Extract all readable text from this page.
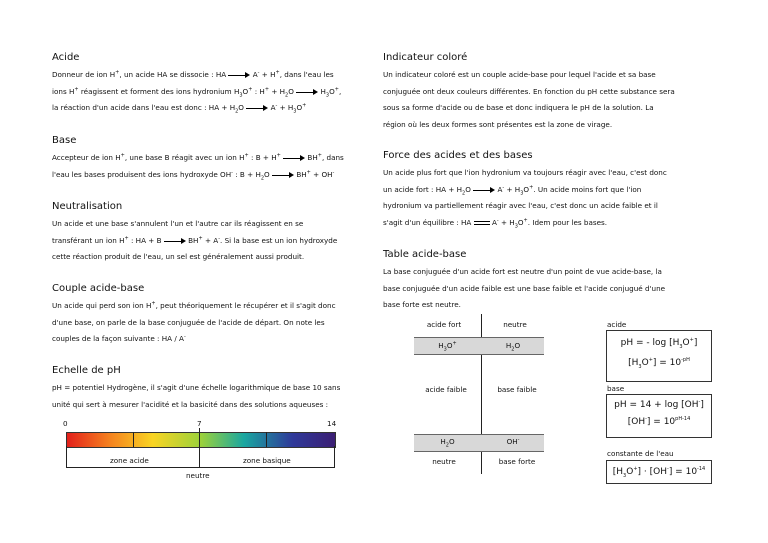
Acide
Donneur de ion H+, un acide HA se dissocie : HA	A- + H+, dans l'eau les
ions H+ réagissent et forment des ions hydronium $H_3O^+$ : $H^+ + H_2O$	$H_3O^+$,
la réaction d'un acide dans l'eau est donc : HA + $H_2O$	$A^- + H_3O^+$
Base
Accepteur de ion H+, une base B réagit avec un ion H+ : B + H+	BH+, dans
l'eau les bases produisent des ions hydroxyde OH- : $B + H_2O$	BH+ + OH-
Neutralisation
Un acide et une base s'annulent l'un et l'autre car ils réagissent en se
transférant un ion H+ : HA + B	BH+ + A-. Si la base est un ion hydroxyde
cette réaction produit de l'eau, un sel est généralement aussi produit.
Couple acide-base
Un acide qui perd son ion H+, peut théoriquement le récupérer et il s'agit donc
d'une base, on parle de la base conjuguée de l'acide de départ. On note les
couples de la façon suivante : HA / A-
Echelle de pH
pH = potentiel Hydrogène, il s'agit d'une échelle logarithmique de base 10 sans
unité qui sert à mesurer l'acidité et la basicité dans des solutions aqueuses :
0	7	14
zone acide	zone basique
neutre
Indicateur coloré
Un indicateur coloré est un couple acide-base pour lequel l'acide et sa base
conjuguée ont deux couleurs différentes. En fonction du pH cette substance sera
sous sa forme d'acide ou de base et donc indiquera le pH de la solution. La
région où les deux formes sont présentes est la zone de virage.
Force des acides et des bases
Un acide plus fort que l'ion hydronium va toujours réagir avec l'eau, c'est donc
un acide fort : HA + $H_2O$	$A^- + H_3O^+$. Un acide moins fort que l'ion
hydronium va partiellement réagir avec l'eau, c'est donc un acide faible et il
s'agit d'un équilibre : HA	$A^- + H_3O^+$. Idem pour les bases.
Table acide-base
La base conjuguée d'un acide fort est neutre d'un point de vue acide-base, la
base conjuguée d'un acide faible est une base faible et l'acide conjugué d'une
base forte est neutre.
acide fort	neutre
$H_3O^+$	$H_2O$
acide faible	base faible
$H_2O$	OH-
neutre	base forte
acide
pH = - $\log [H_3O^+]$
$[H_3O^+] = 10^{-pH}$
base
pH = 14 + log [OH-]
$[OH^-] = 10^{pH-14}$
constante de l'eau
$[H_3O^+] \cdot [OH^-] = 10^{-14}$
